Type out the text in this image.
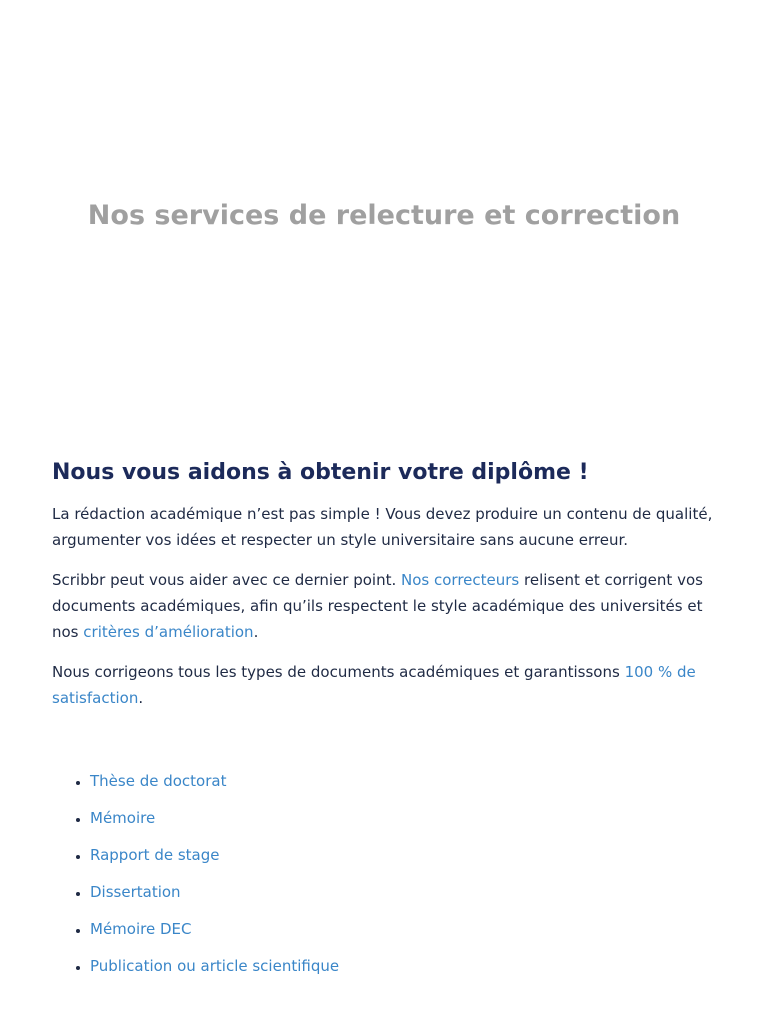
Nos services de relecture et correction
Nous vous aidons à obtenir votre diplôme !

La rédaction académique n’est pas simple ! Vous devez produire un contenu de qualité, argumenter vos idées et respecter un style universitaire sans aucune erreur.

Scribbr peut vous aider avec ce dernier point. Nos correcteurs relisent et corrigent vos documents académiques, afin qu’ils respectent le style académique des universités et nos critères d’amélioration.

Nous corrigeons tous les types de documents académiques et garantissons 100 % de satisfaction.

• Thèse de doctorat
• Mémoire
• Rapport de stage
• Dissertation
• Mémoire DEC
• Publication ou article scientifique
